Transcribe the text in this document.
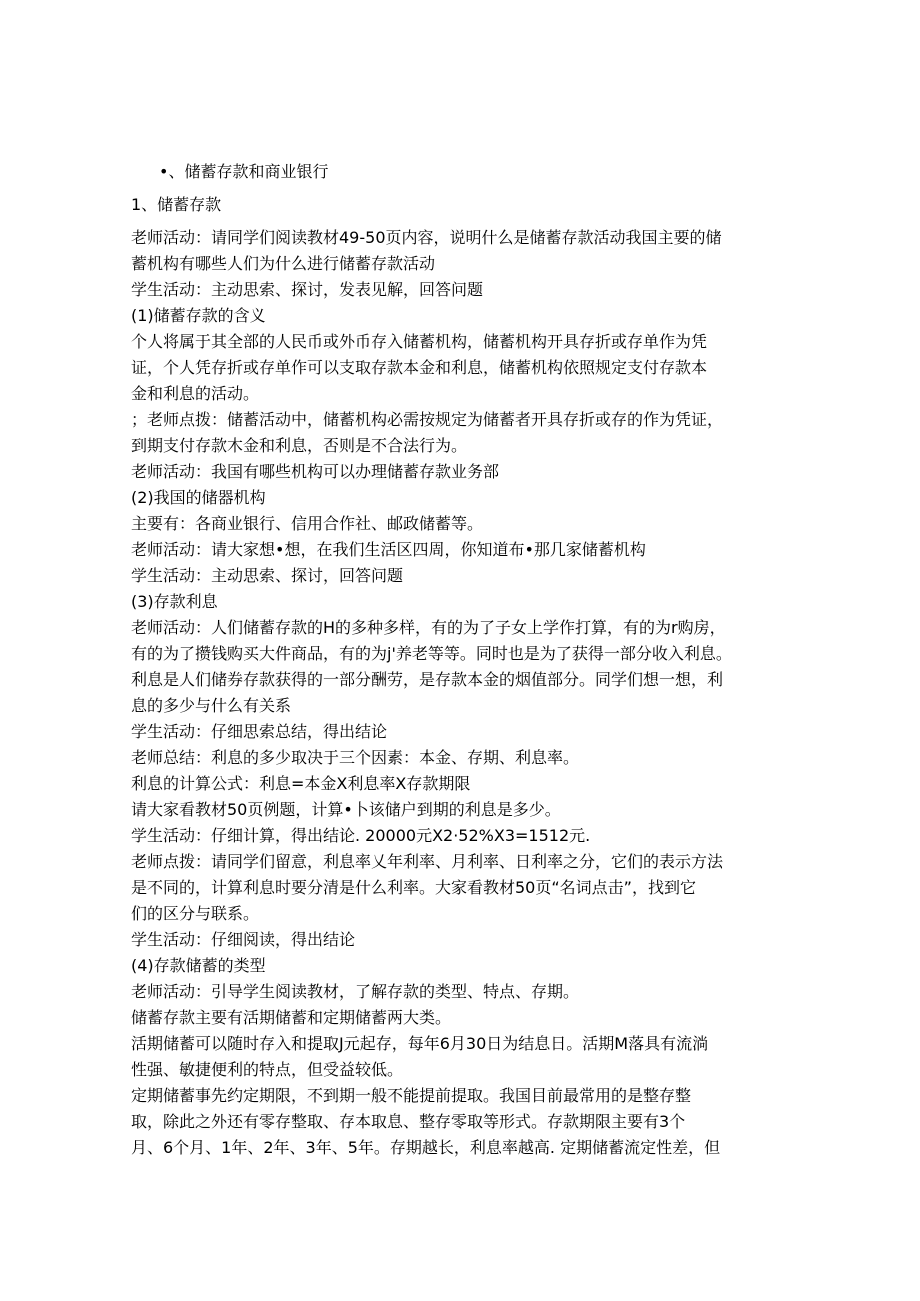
•、储蓄存款和商业银行
1、储蓄存款
老师活动：请同学们阅读教材49-50页内容，说明什么是储蓄存款活动我国主要的储
蓄机构有哪些人们为什么进行储蓄存款活动
学生活动：主动思索、探讨，发表见解，回答问题
(1)储蓄存款的含义
个人将属于其全部的人民币或外币存入储蓄机构，储蓄机构开具存折或存单作为凭
证，个人凭存折或存单作可以支取存款本金和利息，储蓄机构依照规定支付存款本
金和利息的活动。
；老师点拨：储蓄活动中，储蓄机构必需按规定为储蓄者开具存折或存的作为凭证，
到期支付存款木金和利息，否则是不合法行为。
老师活动：我国有哪些机构可以办理储蓄存款业务部
(2)我国的储器机构
主要有：各商业银行、信用合作社、邮政储蓄等。
老师活动：请大家想•想，在我们生活区四周，你知道布•那几家储蓄机构
学生活动：主动思索、探讨，回答问题
(3)存款利息
老师活动：人们储蓄存款的H的多种多样，有的为了子女上学作打算，有的为r购房，
有的为了攒钱购买大件商品，有的为j'养老等等。同时也是为了获得一部分收入利息。
利息是人们储券存款获得的一部分酬劳，是存款本金的烟值部分。同学们想一想，利
息的多少与什么有关系
学生活动：仔细思索总结，得出结论
老师总结：利息的多少取决于三个因素：本金、存期、利息率。
利息的计算公式：利息=本金X利息率X存款期限
请大家看教材50页例题，计算•卜该储户到期的利息是多少。
学生活动：仔细计算，得出结论. 20000元X2·52%X3=1512元.
老师点拨：请同学们留意，利息率乂年利率、月利率、日利率之分，它们的表示方法
是不同的，计算利息时要分清是什么利率。大家看教材50页“名词点击”，找到它
们的区分与联系。
学生活动：仔细阅读，得出结论
(4)存款储蓄的类型
老师活动：引导学生阅读教材，了解存款的类型、特点、存期。
储蓄存款主要有活期储蓄和定期储蓄两大类。
活期储蓄可以随时存入和提取J元起存，每年6月30日为结息日。活期M落具有流淌
性强、敏捷便利的特点，但受益较低。
定期储蓄事先约定期限，不到期一般不能提前提取。我国目前最常用的是整存整
取，除此之外还有零存整取、存本取息、整存零取等形式。存款期限主要有3个
月、6个月、1年、2年、3年、5年。存期越长，利息率越高. 定期储蓄流定性差，但
